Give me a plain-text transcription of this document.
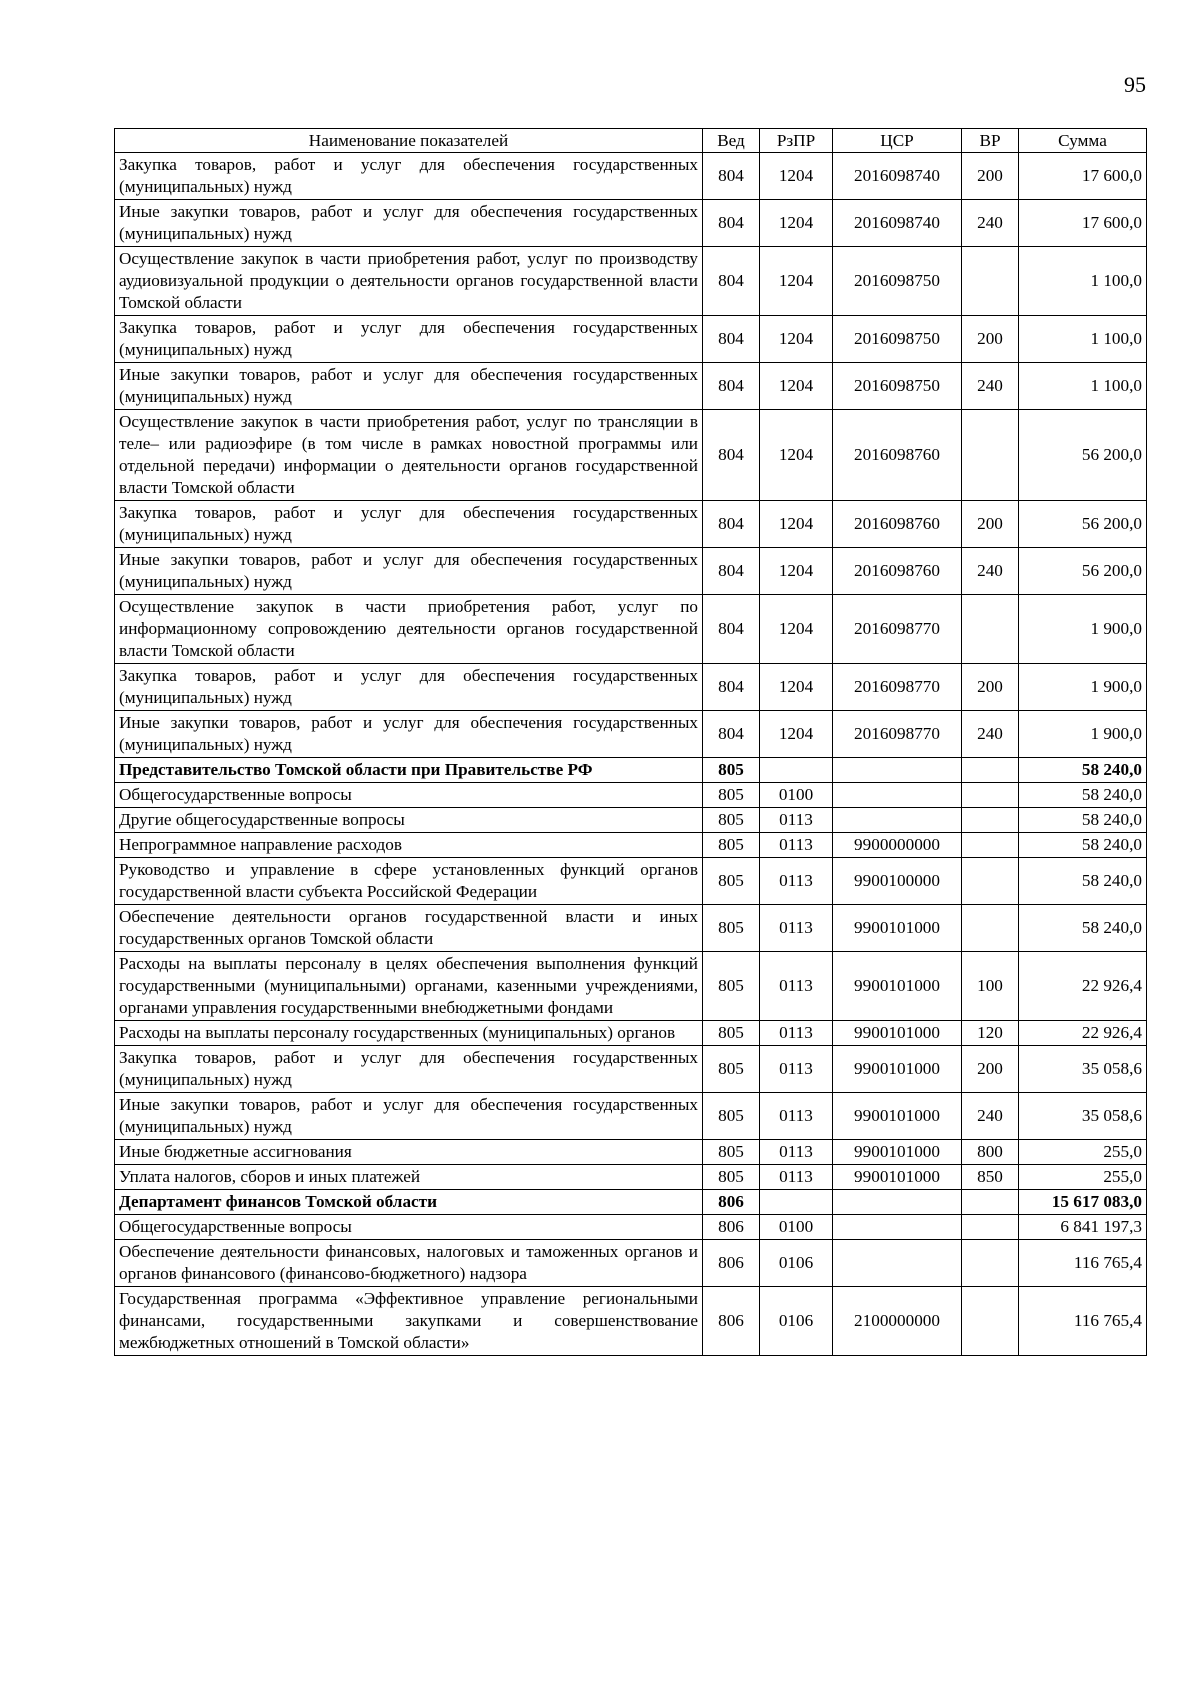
95
Наименование показателей	Вед	РзПР	ЦСР	ВР	Сумма
Закупка товаров, работ и услуг для обеспечения государственных (муниципальных) нужд	804	1204	2016098740	200	17 600,0
Иные закупки товаров, работ и услуг для обеспечения государственных (муниципальных) нужд	804	1204	2016098740	240	17 600,0
Осуществление закупок в части приобретения работ, услуг по производству аудиовизуальной продукции о деятельности органов государственной власти Томской области	804	1204	2016098750		1 100,0
Закупка товаров, работ и услуг для обеспечения государственных (муниципальных) нужд	804	1204	2016098750	200	1 100,0
Иные закупки товаров, работ и услуг для обеспечения государственных (муниципальных) нужд	804	1204	2016098750	240	1 100,0
Осуществление закупок в части приобретения работ, услуг по трансляции в теле– или радиоэфире (в том числе в рамках новостной программы или отдельной передачи) информации о деятельности органов государственной власти Томской области	804	1204	2016098760		56 200,0
Закупка товаров, работ и услуг для обеспечения государственных (муниципальных) нужд	804	1204	2016098760	200	56 200,0
Иные закупки товаров, работ и услуг для обеспечения государственных (муниципальных) нужд	804	1204	2016098760	240	56 200,0
Осуществление закупок в части приобретения работ, услуг по информационному сопровождению деятельности органов государственной власти Томской области	804	1204	2016098770		1 900,0
Закупка товаров, работ и услуг для обеспечения государственных (муниципальных) нужд	804	1204	2016098770	200	1 900,0
Иные закупки товаров, работ и услуг для обеспечения государственных (муниципальных) нужд	804	1204	2016098770	240	1 900,0
Представительство Томской области при Правительстве РФ	805				58 240,0
Общегосударственные вопросы	805	0100			58 240,0
Другие общегосударственные вопросы	805	0113			58 240,0
Непрограммное направление расходов	805	0113	9900000000		58 240,0
Руководство и управление в сфере установленных функций органов государственной власти субъекта Российской Федерации	805	0113	9900100000		58 240,0
Обеспечение деятельности органов государственной власти и иных государственных органов Томской области	805	0113	9900101000		58 240,0
Расходы на выплаты персоналу в целях обеспечения выполнения функций государственными (муниципальными) органами, казенными учреждениями, органами управления государственными внебюджетными фондами	805	0113	9900101000	100	22 926,4
Расходы на выплаты персоналу государственных (муниципальных) органов	805	0113	9900101000	120	22 926,4
Закупка товаров, работ и услуг для обеспечения государственных (муниципальных) нужд	805	0113	9900101000	200	35 058,6
Иные закупки товаров, работ и услуг для обеспечения государственных (муниципальных) нужд	805	0113	9900101000	240	35 058,6
Иные бюджетные ассигнования	805	0113	9900101000	800	255,0
Уплата налогов, сборов и иных платежей	805	0113	9900101000	850	255,0
Департамент финансов Томской области	806				15 617 083,0
Общегосударственные вопросы	806	0100			6 841 197,3
Обеспечение деятельности финансовых, налоговых и таможенных органов и органов финансового (финансово-бюджетного) надзора	806	0106			116 765,4
Государственная программа «Эффективное управление региональными финансами, государственными закупками и совершенствование межбюджетных отношений в Томской области»	806	0106	2100000000		116 765,4
